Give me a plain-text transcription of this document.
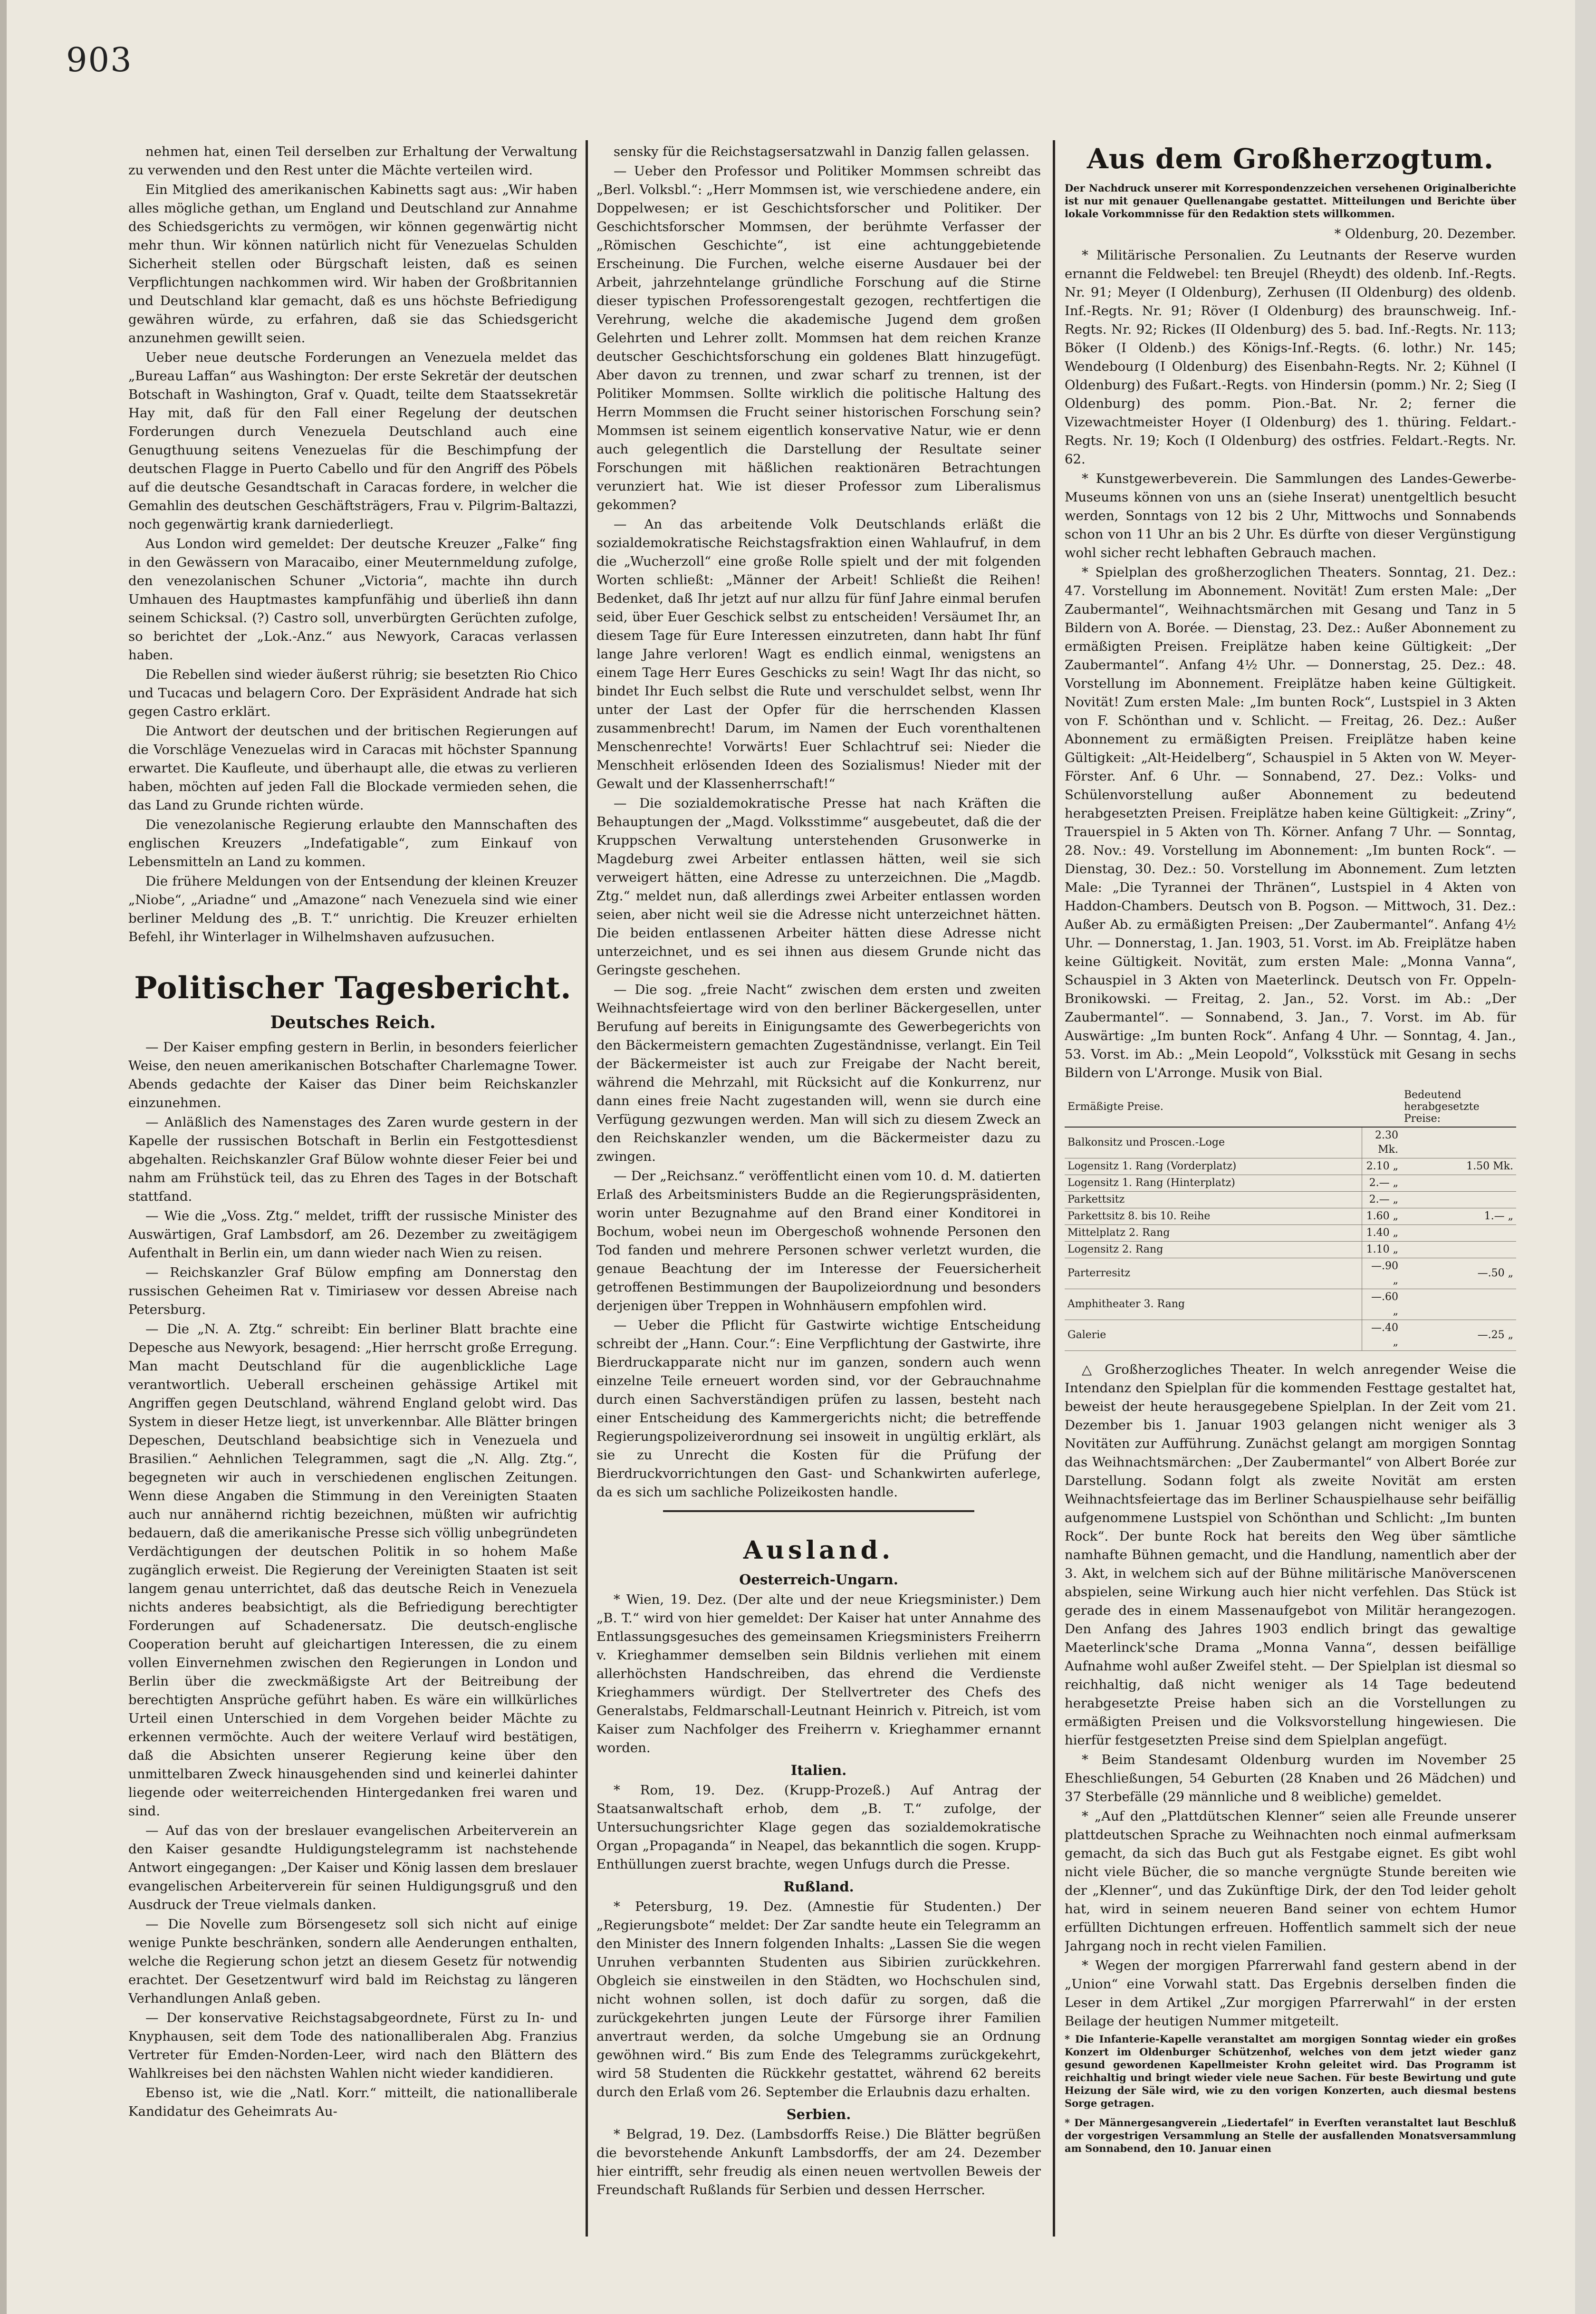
903

nehmen hat, einen Teil derselben zur Erhaltung der Verwaltung zu verwenden und den Rest unter die Mächte verteilen wird.

Ein Mitglied des amerikanischen Kabinetts sagt aus: „Wir haben alles mögliche gethan, um England und Deutschland zur Annahme des Schiedsgerichts zu vermögen, wir können gegenwärtig nicht mehr thun. Wir können natürlich nicht für Venezuelas Schulden Sicherheit stellen oder Bürgschaft leisten, daß es seinen Verpflichtungen nachkommen wird. Wir haben der Großbritannien und Deutschland klar gemacht, daß es uns höchste Befriedigung gewähren würde, zu erfahren, daß sie das Schiedsgericht anzunehmen gewillt seien.

Ueber neue deutsche Forderungen an Venezuela meldet das „Bureau Laffan“ aus Washington: Der erste Sekretär der deutschen Botschaft in Washington, Graf v. Quadt, teilte dem Staatssekretär Hay mit, daß für den Fall einer Regelung der deutschen Forderungen durch Venezuela Deutschland auch eine Genugthuung seitens Venezuelas für die Beschimpfung der deutschen Flagge in Puerto Cabello und für den Angriff des Pöbels auf die deutsche Gesandtschaft in Caracas fordere, in welcher die Gemahlin des deutschen Geschäftsträgers, Frau v. Pilgrim-Baltazzi, noch gegenwärtig krank darniederliegt.

Aus London wird gemeldet: Der deutsche Kreuzer „Falke“ fing in den Gewässern von Maracaibo, einer Meuternmeldung zufolge, den venezolanischen Schuner „Victoria“, machte ihn durch Umhauen des Hauptmastes kampfunfähig und überließ ihn dann seinem Schicksal. (?) Castro soll, unverbürgten Gerüchten zufolge, so berichtet der „Lok.-Anz.“ aus Newyork, Caracas verlassen haben.

Die Rebellen sind wieder äußerst rührig; sie besetzten Rio Chico und Tucacas und belagern Coro. Der Expräsident Andrade hat sich gegen Castro erklärt.

Die Antwort der deutschen und der britischen Regierungen auf die Vorschläge Venezuelas wird in Caracas mit höchster Spannung erwartet. Die Kaufleute, und überhaupt alle, die etwas zu verlieren haben, möchten auf jeden Fall die Blockade vermieden sehen, die das Land zu Grunde richten würde.

Die venezolanische Regierung erlaubte den Mannschaften des englischen Kreuzers „Indefatigable“, zum Einkauf von Lebensmitteln an Land zu kommen.

Die frühere Meldungen von der Entsendung der kleinen Kreuzer „Niobe“, „Ariadne“ und „Amazone“ nach Venezuela sind wie einer berliner Meldung des „B. T.“ unrichtig. Die Kreuzer erhielten Befehl, ihr Winterlager in Wilhelmshaven aufzusuchen.

Politischer Tagesbericht.
Deutsches Reich.

— Der Kaiser empfing gestern in Berlin, in besonders feierlicher Weise, den neuen amerikanischen Botschafter Charlemagne Tower. Abends gedachte der Kaiser das Diner beim Reichskanzler einzunehmen.

— Anläßlich des Namenstages des Zaren wurde gestern in der Kapelle der russischen Botschaft in Berlin ein Festgottesdienst abgehalten. Reichskanzler Graf Bülow wohnte dieser Feier bei und nahm am Frühstück teil, das zu Ehren des Tages in der Botschaft stattfand.

— Wie die „Voss. Ztg.“ meldet, trifft der russische Minister des Auswärtigen, Graf Lambsdorf, am 26. Dezember zu zweitägigem Aufenthalt in Berlin ein, um dann wieder nach Wien zu reisen.

— Reichskanzler Graf Bülow empfing am Donnerstag den russischen Geheimen Rat v. Timiriasew vor dessen Abreise nach Petersburg.

— Die „N. A. Ztg.“ schreibt: Ein berliner Blatt brachte eine Depesche aus Newyork, besagend: „Hier herrscht große Erregung. Man macht Deutschland für die augenblickliche Lage verantwortlich. Ueberall erscheinen gehässige Artikel mit Angriffen gegen Deutschland, während England gelobt wird. Das System in dieser Hetze liegt, ist unverkennbar. Alle Blätter bringen Depeschen, Deutschland beabsichtige sich in Venezuela und Brasilien.“ Aehnlichen Telegrammen, sagt die „N. Allg. Ztg.“, begegneten wir auch in verschiedenen englischen Zeitungen. Wenn diese Angaben die Stimmung in den Vereinigten Staaten auch nur annähernd richtig bezeichnen, müßten wir aufrichtig bedauern, daß die amerikanische Presse sich völlig unbegründeten Verdächtigungen der deutschen Politik in so hohem Maße zugänglich erweist. Die Regierung der Vereinigten Staaten ist seit langem genau unterrichtet, daß das deutsche Reich in Venezuela nichts anderes beabsichtigt, als die Befriedigung berechtigter Forderungen auf Schadenersatz. Die deutsch-englische Cooperation beruht auf gleichartigen Interessen, die zu einem vollen Einvernehmen zwischen den Regierungen in London und Berlin über die zweckmäßigste Art der Beitreibung der berechtigten Ansprüche geführt haben. Es wäre ein willkürliches Urteil einen Unterschied in dem Vorgehen beider Mächte zu erkennen vermöchte. Auch der weitere Verlauf wird bestätigen, daß die Absichten unserer Regierung keine über den unmittelbaren Zweck hinausgehenden sind und keinerlei dahinter liegende oder weiterreichenden Hintergedanken frei waren und sind.

— Auf das von der breslauer evangelischen Arbeiterverein an den Kaiser gesandte Huldigungstelegramm ist nachstehende Antwort eingegangen: „Der Kaiser und König lassen dem breslauer evangelischen Arbeiterverein für seinen Huldigungsgruß und den Ausdruck der Treue vielmals danken.

— Die Novelle zum Börsengesetz soll sich nicht auf einige wenige Punkte beschränken, sondern alle Aenderungen enthalten, welche die Regierung schon jetzt an diesem Gesetz für notwendig erachtet. Der Gesetzentwurf wird bald im Reichstag zu längeren Verhandlungen Anlaß geben.

— Der konservative Reichstagsabgeordnete, Fürst zu In- und Knyphausen, seit dem Tode des nationalliberalen Abg. Franzius Vertreter für Emden-Norden-Leer, wird nach den Blättern des Wahlkreises bei den nächsten Wahlen nicht wieder kandidieren.

Ebenso ist, wie die „Natl. Korr.“ mitteilt, die nationalliberale Kandidatur des Geheimrats Au-

sensky für die Reichstagsersatzwahl in Danzig fallen gelassen.

— Ueber den Professor und Politiker Mommsen schreibt das „Berl. Volksbl.“: „Herr Mommsen ist, wie verschiedene andere, ein Doppelwesen; er ist Geschichtsforscher und Politiker. Der Geschichtsforscher Mommsen, der berühmte Verfasser der „Römischen Geschichte“, ist eine achtunggebietende Erscheinung. Die Furchen, welche eiserne Ausdauer bei der Arbeit, jahrzehntelange gründliche Forschung auf die Stirne dieser typischen Professorengestalt gezogen, rechtfertigen die Verehrung, welche die akademische Jugend dem großen Gelehrten und Lehrer zollt. Mommsen hat dem reichen Kranze deutscher Geschichtsforschung ein goldenes Blatt hinzugefügt. Aber davon zu trennen, und zwar scharf zu trennen, ist der Politiker Mommsen. Sollte wirklich die politische Haltung des Herrn Mommsen die Frucht seiner historischen Forschung sein? Mommsen ist seinem eigentlich konservative Natur, wie er denn auch gelegentlich die Darstellung der Resultate seiner Forschungen mit häßlichen reaktionären Betrachtungen verunziert hat. Wie ist dieser Professor zum Liberalismus gekommen?

— An das arbeitende Volk Deutschlands erläßt die sozialdemokratische Reichstagsfraktion einen Wahlaufruf, in dem die „Wucherzoll“ eine große Rolle spielt und der mit folgenden Worten schließt: „Männer der Arbeit! Schließt die Reihen! Bedenket, daß Ihr jetzt auf nur allzu für fünf Jahre einmal berufen seid, über Euer Geschick selbst zu entscheiden! Versäumet Ihr, an diesem Tage für Eure Interessen einzutreten, dann habt Ihr fünf lange Jahre verloren! Wagt es endlich einmal, wenigstens an einem Tage Herr Eures Geschicks zu sein! Wagt Ihr das nicht, so bindet Ihr Euch selbst die Rute und verschuldet selbst, wenn Ihr unter der Last der Opfer für die herrschenden Klassen zusammenbrecht! Darum, im Namen der Euch vorenthaltenen Menschenrechte! Vorwärts! Euer Schlachtruf sei: Nieder die Menschheit erlösenden Ideen des Sozialismus! Nieder mit der Gewalt und der Klassenherrschaft!“

— Die sozialdemokratische Presse hat nach Kräften die Behauptungen der „Magd. Volksstimme“ ausgebeutet, daß die der Kruppschen Verwaltung unterstehenden Grusonwerke in Magdeburg zwei Arbeiter entlassen hätten, weil sie sich verweigert hätten, eine Adresse zu unterzeichnen. Die „Magdb. Ztg.“ meldet nun, daß allerdings zwei Arbeiter entlassen worden seien, aber nicht weil sie die Adresse nicht unterzeichnet hätten. Die beiden entlassenen Arbeiter hätten diese Adresse nicht unterzeichnet, und es sei ihnen aus diesem Grunde nicht das Geringste geschehen.

— Die sog. „freie Nacht“ zwischen dem ersten und zweiten Weihnachtsfeiertage wird von den berliner Bäckergesellen, unter Berufung auf bereits in Einigungsamte des Gewerbegerichts von den Bäckermeistern gemachten Zugeständnisse, verlangt. Ein Teil der Bäckermeister ist auch zur Freigabe der Nacht bereit, während die Mehrzahl, mit Rücksicht auf die Konkurrenz, nur dann eines freie Nacht zugestanden will, wenn sie durch eine Verfügung gezwungen werden. Man will sich zu diesem Zweck an den Reichskanzler wenden, um die Bäckermeister dazu zu zwingen.

— Der „Reichsanz.“ veröffentlicht einen vom 10. d. M. datierten Erlaß des Arbeitsministers Budde an die Regierungspräsidenten, worin unter Bezugnahme auf den Brand einer Konditorei in Bochum, wobei neun im Obergeschoß wohnende Personen den Tod fanden und mehrere Personen schwer verletzt wurden, die genaue Beachtung der im Interesse der Feuersicherheit getroffenen Bestimmungen der Baupolizeiordnung und besonders derjenigen über Treppen in Wohnhäusern empfohlen wird.

— Ueber die Pflicht für Gastwirte wichtige Entscheidung schreibt der „Hann. Cour.“: Eine Verpflichtung der Gastwirte, ihre Bierdruckapparate nicht nur im ganzen, sondern auch wenn einzelne Teile erneuert worden sind, vor der Gebrauchnahme durch einen Sachverständigen prüfen zu lassen, besteht nach einer Entscheidung des Kammergerichts nicht; die betreffende Regierungspolizeiverordnung sei insoweit in ungültig erklärt, als sie zu Unrecht die Kosten für die Prüfung der Bierdruckvorrichtungen den Gast- und Schankwirten auferlege, da es sich um sachliche Polizeikosten handle.

Ausland.
Oesterreich-Ungarn.

* Wien, 19. Dez. (Der alte und der neue Kriegsminister.) Dem „B. T.“ wird von hier gemeldet: Der Kaiser hat unter Annahme des Entlassungsgesuches des gemeinsamen Kriegsministers Freiherrn v. Krieghammer demselben sein Bildnis verliehen mit einem allerhöchsten Handschreiben, das ehrend die Verdienste Krieghammers würdigt. Der Stellvertreter des Chefs des Generalstabs, Feldmarschall-Leutnant Heinrich v. Pitreich, ist vom Kaiser zum Nachfolger des Freiherrn v. Krieghammer ernannt worden.

Italien.

* Rom, 19. Dez. (Krupp-Prozeß.) Auf Antrag der Staatsanwaltschaft erhob, dem „B. T.“ zufolge, der Untersuchungsrichter Klage gegen das sozialdemokratische Organ „Propaganda“ in Neapel, das bekanntlich die sogen. Krupp-Enthüllungen zuerst brachte, wegen Unfugs durch die Presse.

Rußland.

* Petersburg, 19. Dez. (Amnestie für Studenten.) Der „Regierungsbote“ meldet: Der Zar sandte heute ein Telegramm an den Minister des Innern folgenden Inhalts: „Lassen Sie die wegen Unruhen verbannten Studenten aus Sibirien zurückkehren. Obgleich sie einstweilen in den Städten, wo Hochschulen sind, nicht wohnen sollen, ist doch dafür zu sorgen, daß die zurückgekehrten jungen Leute der Fürsorge ihrer Familien anvertraut werden, da solche Umgebung sie an Ordnung gewöhnen wird.“ Bis zum Ende des Telegramms zurückgekehrt, wird 58 Studenten die Rückkehr gestattet, während 62 bereits durch den Erlaß vom 26. September die Erlaubnis dazu erhalten.

Serbien.

* Belgrad, 19. Dez. (Lambsdorffs Reise.) Die Blätter begrüßen die bevorstehende Ankunft Lambsdorffs, der am 24. Dezember hier eintrifft, sehr freudig als einen neuen wertvollen Beweis der Freundschaft Rußlands für Serbien und dessen Herrscher.

Aus dem Großherzogtum.

Der Nachdruck unserer mit Korrespondenzzeichen versehenen Originalberichte ist nur mit genauer Quellenangabe gestattet. Mitteilungen und Berichte über lokale Vorkommnisse für den Redaktion stets willkommen.

* Oldenburg, 20. Dezember.

* Militärische Personalien. Zu Leutnants der Reserve wurden ernannt die Feldwebel: ten Breujel (Rheydt) des oldenb. Inf.-Regts. Nr. 91; Meyer (I Oldenburg), Zerhusen (II Oldenburg) des oldenb. Inf.-Regts. Nr. 91; Röver (I Oldenburg) des braunschweig. Inf.-Regts. Nr. 92; Rickes (II Oldenburg) des 5. bad. Inf.-Regts. Nr. 113; Böker (I Oldenb.) des Königs-Inf.-Regts. (6. lothr.) Nr. 145; Wendebourg (I Oldenburg) des Eisenbahn-Regts. Nr. 2; Kühnel (I Oldenburg) des Fußart.-Regts. von Hindersin (pomm.) Nr. 2; Sieg (I Oldenburg) des pomm. Pion.-Bat. Nr. 2; ferner die Vizewachtmeister Hoyer (I Oldenburg) des 1. thüring. Feldart.-Regts. Nr. 19; Koch (I Oldenburg) des ostfries. Feldart.-Regts. Nr. 62.

* Kunstgewerbeverein. Die Sammlungen des Landes-Gewerbe-Museums können von uns an (siehe Inserat) unentgeltlich besucht werden, Sonntags von 12 bis 2 Uhr, Mittwochs und Sonnabends schon von 11 Uhr an bis 2 Uhr. Es dürfte von dieser Vergünstigung wohl sicher recht lebhaften Gebrauch machen.

* Spielplan des großherzoglichen Theaters. Sonntag, 21. Dez.: 47. Vorstellung im Abonnement. Novität! Zum ersten Male: „Der Zaubermantel“, Weihnachtsmärchen mit Gesang und Tanz in 5 Bildern von A. Borée. — Dienstag, 23. Dez.: Außer Abonnement zu ermäßigten Preisen. Freiplätze haben keine Gültigkeit: „Der Zaubermantel“. Anfang 4½ Uhr. — Donnerstag, 25. Dez.: 48. Vorstellung im Abonnement. Freiplätze haben keine Gültigkeit. Novität! Zum ersten Male: „Im bunten Rock“, Lustspiel in 3 Akten von F. Schönthan und v. Schlicht. — Freitag, 26. Dez.: Außer Abonnement zu ermäßigten Preisen. Freiplätze haben keine Gültigkeit: „Alt-Heidelberg“, Schauspiel in 5 Akten von W. Meyer-Förster. Anf. 6 Uhr. — Sonnabend, 27. Dez.: Volks- und Schülenvorstellung außer Abonnement zu bedeutend herabgesetzten Preisen. Freiplätze haben keine Gültigkeit: „Zriny“, Trauerspiel in 5 Akten von Th. Körner. Anfang 7 Uhr. — Sonntag, 28. Nov.: 49. Vorstellung im Abonnement: „Im bunten Rock“. — Dienstag, 30. Dez.: 50. Vorstellung im Abonnement. Zum letzten Male: „Die Tyrannei der Thränen“, Lustspiel in 4 Akten von Haddon-Chambers. Deutsch von B. Pogson. — Mittwoch, 31. Dez.: Außer Ab. zu ermäßigten Preisen: „Der Zaubermantel“. Anfang 4½ Uhr. — Donnerstag, 1. Jan. 1903, 51. Vorst. im Ab. Freiplätze haben keine Gültigkeit. Novität, zum ersten Male: „Monna Vanna“, Schauspiel in 3 Akten von Maeterlinck. Deutsch von Fr. Oppeln-Bronikowski. — Freitag, 2. Jan., 52. Vorst. im Ab.: „Der Zaubermantel“. — Sonnabend, 3. Jan., 7. Vorst. im Ab. für Auswärtige: „Im bunten Rock“. Anfang 4 Uhr. — Sonntag, 4. Jan., 53. Vorst. im Ab.: „Mein Leopold“, Volksstück mit Gesang in sechs Bildern von L'Arronge. Musik von Bial.

Ermäßigte Preise.		Bedeutend herabgesetzte Preise:
Balkonsitz und Proscen.-Loge	2.30 Mk.	
Logensitz 1. Rang (Vorderplatz)	2.10 „	1.50 Mk.
Logensitz 1. Rang (Hinterplatz)	2.— „	
Parkettsitz	2.— „	
Parkettsitz 8. bis 10. Reihe	1.60 „	1.— „
Mittelplatz 2. Rang	1.40 „	
Logensitz 2. Rang	1.10 „	
Parterresitz	—.90 „	—.50 „
Amphitheater 3. Rang	—.60 „	
Galerie	—.40 „	—.25 „

△ Großherzogliches Theater. In welch anregender Weise die Intendanz den Spielplan für die kommenden Festtage gestaltet hat, beweist der heute herausgegebene Spielplan. In der Zeit vom 21. Dezember bis 1. Januar 1903 gelangen nicht weniger als 3 Novitäten zur Aufführung. Zunächst gelangt am morgigen Sonntag das Weihnachtsmärchen: „Der Zaubermantel“ von Albert Borée zur Darstellung. Sodann folgt als zweite Novität am ersten Weihnachtsfeiertage das im Berliner Schauspielhause sehr beifällig aufgenommene Lustspiel von Schönthan und Schlicht: „Im bunten Rock“. Der bunte Rock hat bereits den Weg über sämtliche namhafte Bühnen gemacht, und die Handlung, namentlich aber der 3. Akt, in welchem sich auf der Bühne militärische Manöverscenen abspielen, seine Wirkung auch hier nicht verfehlen. Das Stück ist gerade des in einem Massenaufgebot von Militär herangezogen. Den Anfang des Jahres 1903 endlich bringt das gewaltige Maeterlinck'sche Drama „Monna Vanna“, dessen beifällige Aufnahme wohl außer Zweifel steht. — Der Spielplan ist diesmal so reichhaltig, daß nicht weniger als 14 Tage bedeutend herabgesetzte Preise haben sich an die Vorstellungen zu ermäßigten Preisen und die Volksvorstellung hingewiesen. Die hierfür festgesetzten Preise sind dem Spielplan angefügt.

* Beim Standesamt Oldenburg wurden im November 25 Eheschließungen, 54 Geburten (28 Knaben und 26 Mädchen) und 37 Sterbefälle (29 männliche und 8 weibliche) gemeldet.

* „Auf den „Plattdütschen Klenner“ seien alle Freunde unserer plattdeutschen Sprache zu Weihnachten noch einmal aufmerksam gemacht, da sich das Buch gut als Festgabe eignet. Es gibt wohl nicht viele Bücher, die so manche vergnügte Stunde bereiten wie der „Klenner“, und das Zukünftige Dirk, der den Tod leider geholt hat, wird in seinem neueren Band seiner von echtem Humor erfüllten Dichtungen erfreuen. Hoffentlich sammelt sich der neue Jahrgang noch in recht vielen Familien.

* Wegen der morgigen Pfarrerwahl fand gestern abend in der „Union“ eine Vorwahl statt. Das Ergebnis derselben finden die Leser in dem Artikel „Zur morgigen Pfarrerwahl“ in der ersten Beilage der heutigen Nummer mitgeteilt.

* Die Infanterie-Kapelle veranstaltet am morgigen Sonntag wieder ein großes Konzert im Oldenburger Schützenhof, welches von dem jetzt wieder ganz gesund gewordenen Kapellmeister Krohn geleitet wird. Das Programm ist reichhaltig und bringt wieder viele neue Sachen. Für beste Bewirtung und gute Heizung der Säle wird, wie zu den vorigen Konzerten, auch diesmal bestens Sorge getragen.

* Der Männergesangverein „Liedertafel“ in Everſten veranstaltet laut Beschluß der vorgestrigen Versammlung an Stelle der ausfallenden Monatsversammlung am Sonnabend, den 10. Januar einen
